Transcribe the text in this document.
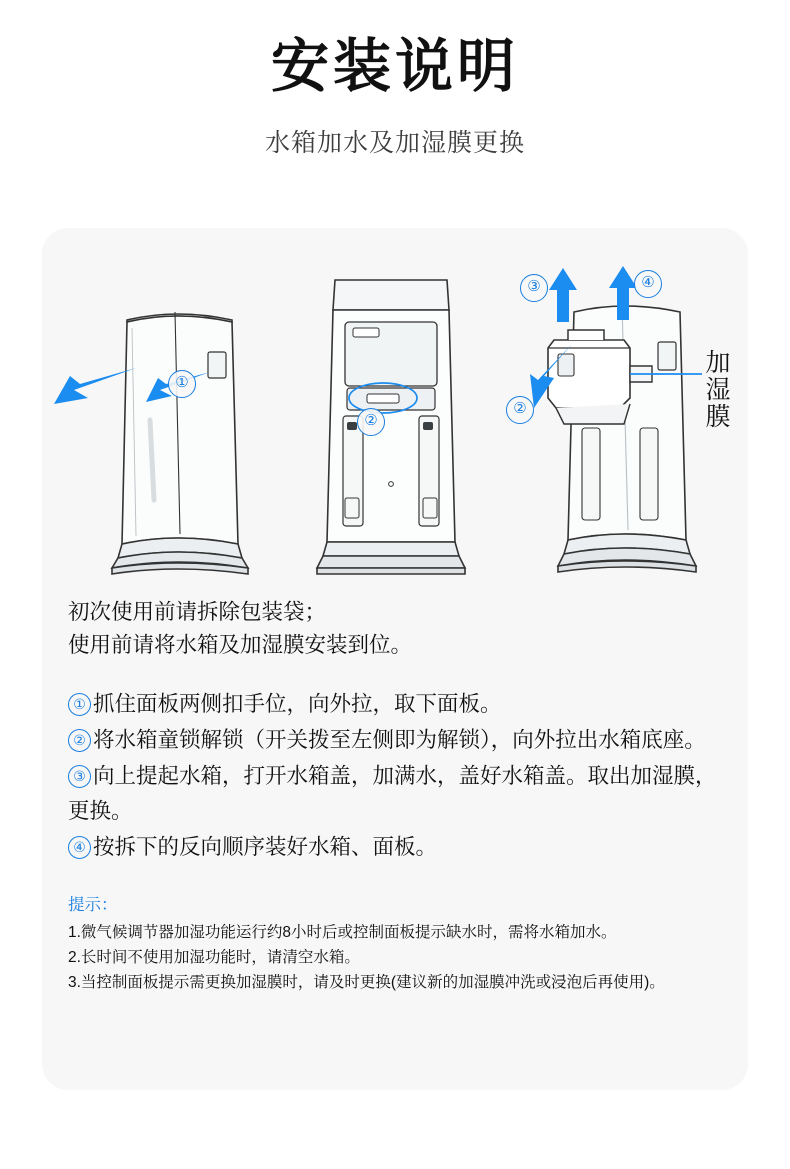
安装说明
水箱加水及加湿膜更换
①
②
③	④
②
加湿膜
初次使用前请拆除包装袋；
使用前请将水箱及加湿膜安装到位。
① 抓住面板两侧扣手位，向外拉，取下面板。
② 将水箱童锁解锁（开关拨至左侧即为解锁），向外拉出水箱底座。
③ 向上提起水箱，打开水箱盖，加满水，盖好水箱盖。取出加湿膜，更换。
④ 按拆下的反向顺序装好水箱、面板。
提示：
1.微气候调节器加湿功能运行约8小时后或控制面板提示缺水时，需将水箱加水。
2.长时间不使用加湿功能时，请清空水箱。
3.当控制面板提示需更换加湿膜时，请及时更换(建议新的加湿膜冲洗或浸泡后再使用)。
